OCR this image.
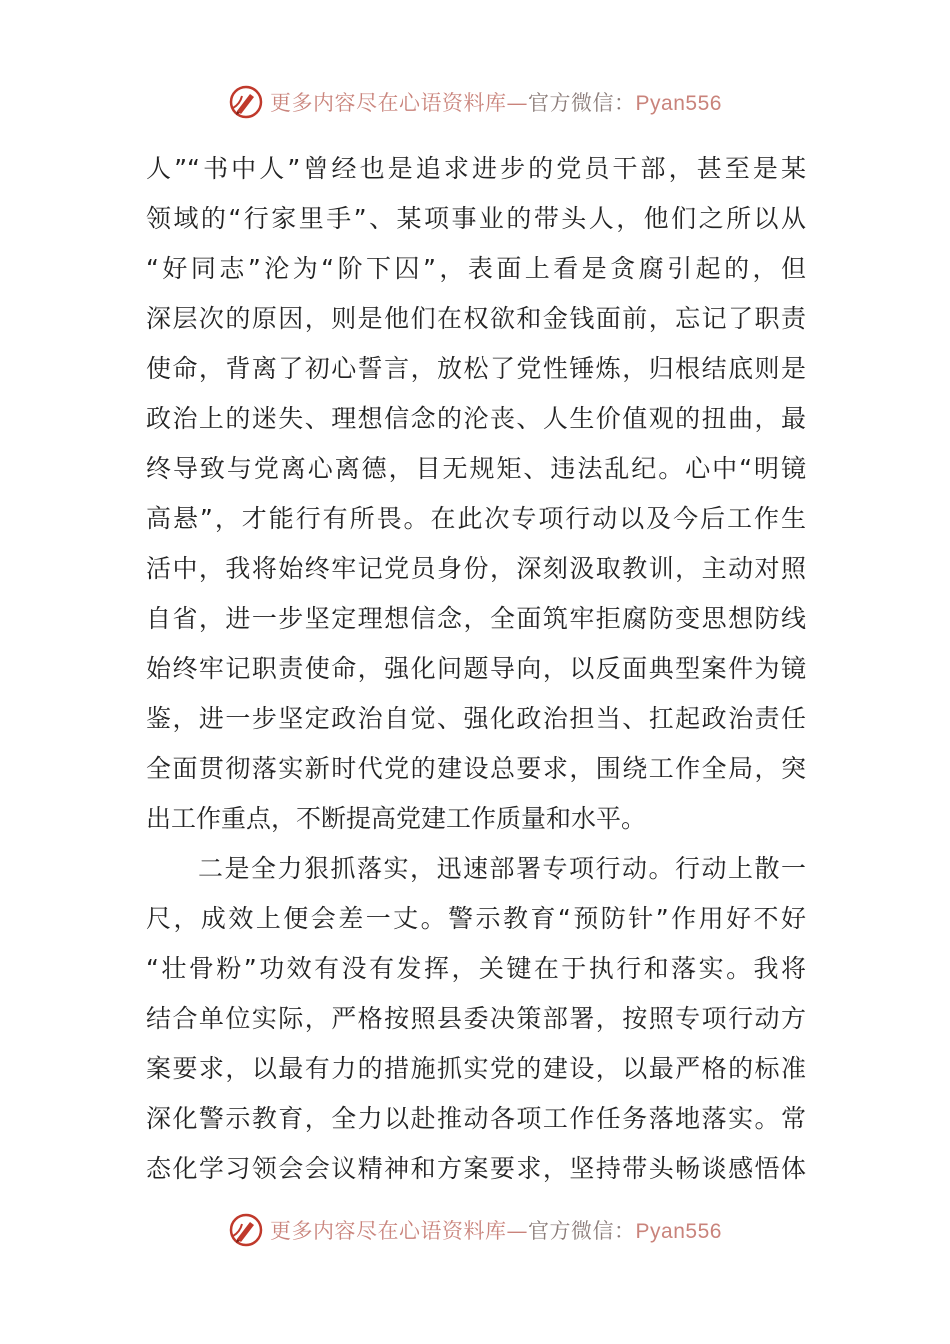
更多内容尽在心语资料库—官方微信：Pyan556
人”“书中人”曾经也是追求进步的党员干部，甚至是某
领域的“行家里手”、某项事业的带头人，他们之所以从
“好同志”沦为“阶下囚”，表面上看是贪腐引起的，但
深层次的原因，则是他们在权欲和金钱面前，忘记了职责
使命，背离了初心誓言，放松了党性锤炼，归根结底则是
政治上的迷失、理想信念的沦丧、人生价值观的扭曲，最
终导致与党离心离德，目无规矩、违法乱纪。心中“明镜
高悬”，才能行有所畏。在此次专项行动以及今后工作生
活中，我将始终牢记党员身份，深刻汲取教训，主动对照
自省，进一步坚定理想信念，全面筑牢拒腐防变思想防线
始终牢记职责使命，强化问题导向，以反面典型案件为镜
鉴，进一步坚定政治自觉、强化政治担当、扛起政治责任
全面贯彻落实新时代党的建设总要求，围绕工作全局，突
出工作重点，不断提高党建工作质量和水平。
二是全力狠抓落实，迅速部署专项行动。行动上散一
尺，成效上便会差一丈。警示教育“预防针”作用好不好
“壮骨粉”功效有没有发挥，关键在于执行和落实。我将
结合单位实际，严格按照县委决策部署，按照专项行动方
案要求，以最有力的措施抓实党的建设，以最严格的标准
深化警示教育，全力以赴推动各项工作任务落地落实。常
态化学习领会会议精神和方案要求，坚持带头畅谈感悟体
更多内容尽在心语资料库—官方微信：Pyan556
